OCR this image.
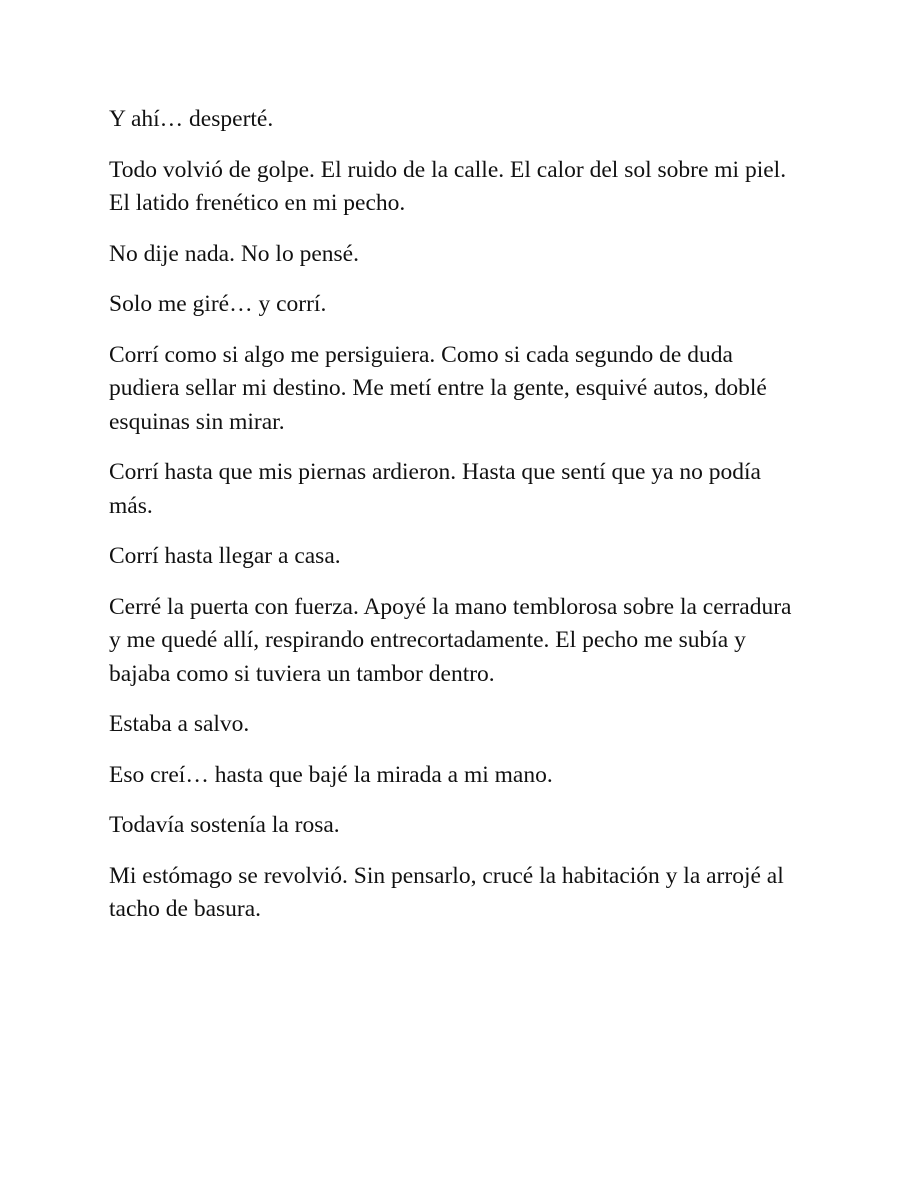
Y ahí… desperté.

Todo volvió de golpe. El ruido de la calle. El calor del sol sobre mi piel. El latido frenético en mi pecho.

No dije nada. No lo pensé.

Solo me giré… y corrí.

Corrí como si algo me persiguiera. Como si cada segundo de duda pudiera sellar mi destino. Me metí entre la gente, esquivé autos, doblé esquinas sin mirar.

Corrí hasta que mis piernas ardieron. Hasta que sentí que ya no podía más.

Corrí hasta llegar a casa.

Cerré la puerta con fuerza. Apoyé la mano temblorosa sobre la cerradura y me quedé allí, respirando entrecortadamente. El pecho me subía y bajaba como si tuviera un tambor dentro.

Estaba a salvo.

Eso creí… hasta que bajé la mirada a mi mano.

Todavía sostenía la rosa.

Mi estómago se revolvió. Sin pensarlo, crucé la habitación y la arrojé al tacho de basura.
